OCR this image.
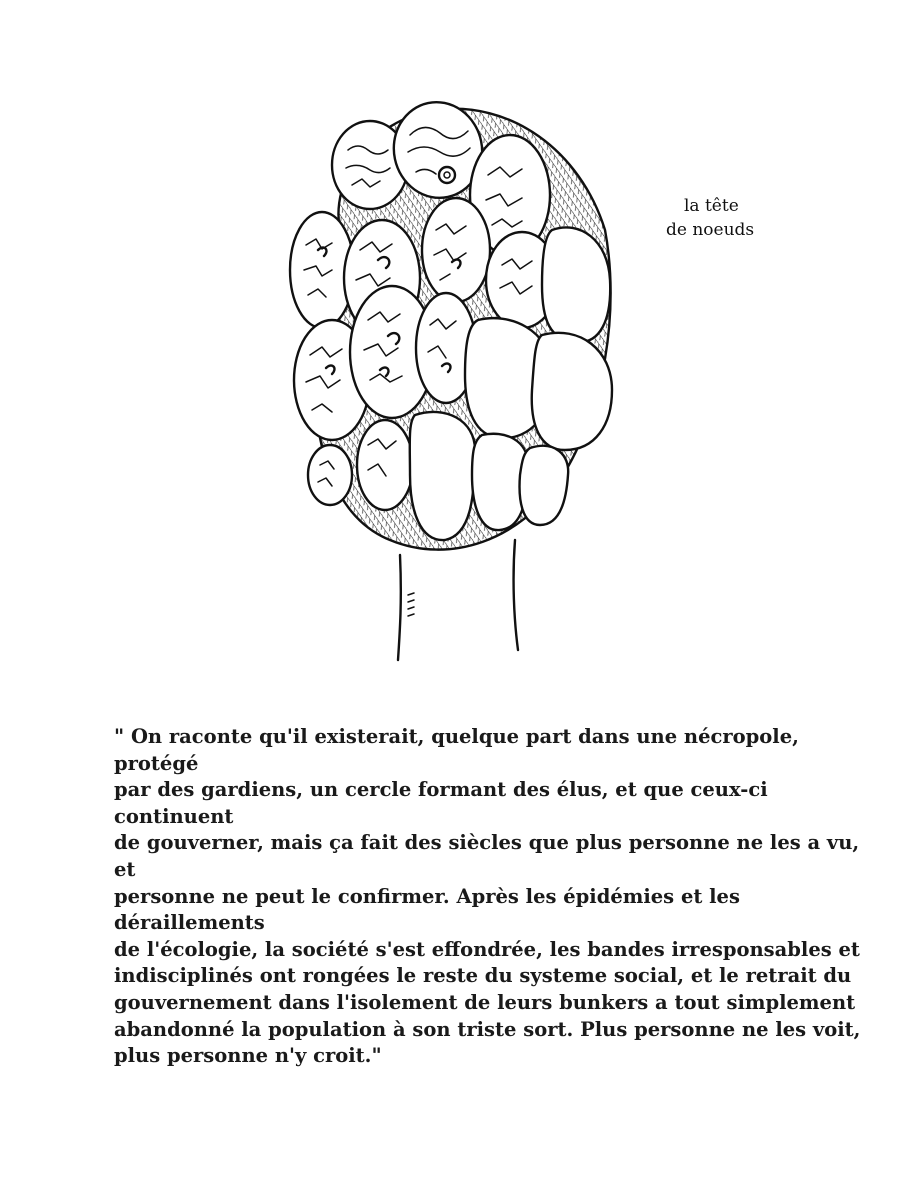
la tête
de noeuds

" On raconte qu'il existerait, quelque part dans une nécropole, protégé
par des gardiens, un cercle formant des élus, et que ceux-ci continuent
de gouverner, mais ça fait des siècles que plus personne ne les a vu, et
personne ne peut le confirmer. Après les épidémies et les déraillements
de l'écologie, la société s'est effondrée, les bandes irresponsables et
indisciplinés ont rongées le reste du systeme social, et le retrait du
gouvernement dans l'isolement de leurs bunkers a tout simplement
abandonné la population à son triste sort. Plus personne ne les voit,
plus personne n'y croit."
